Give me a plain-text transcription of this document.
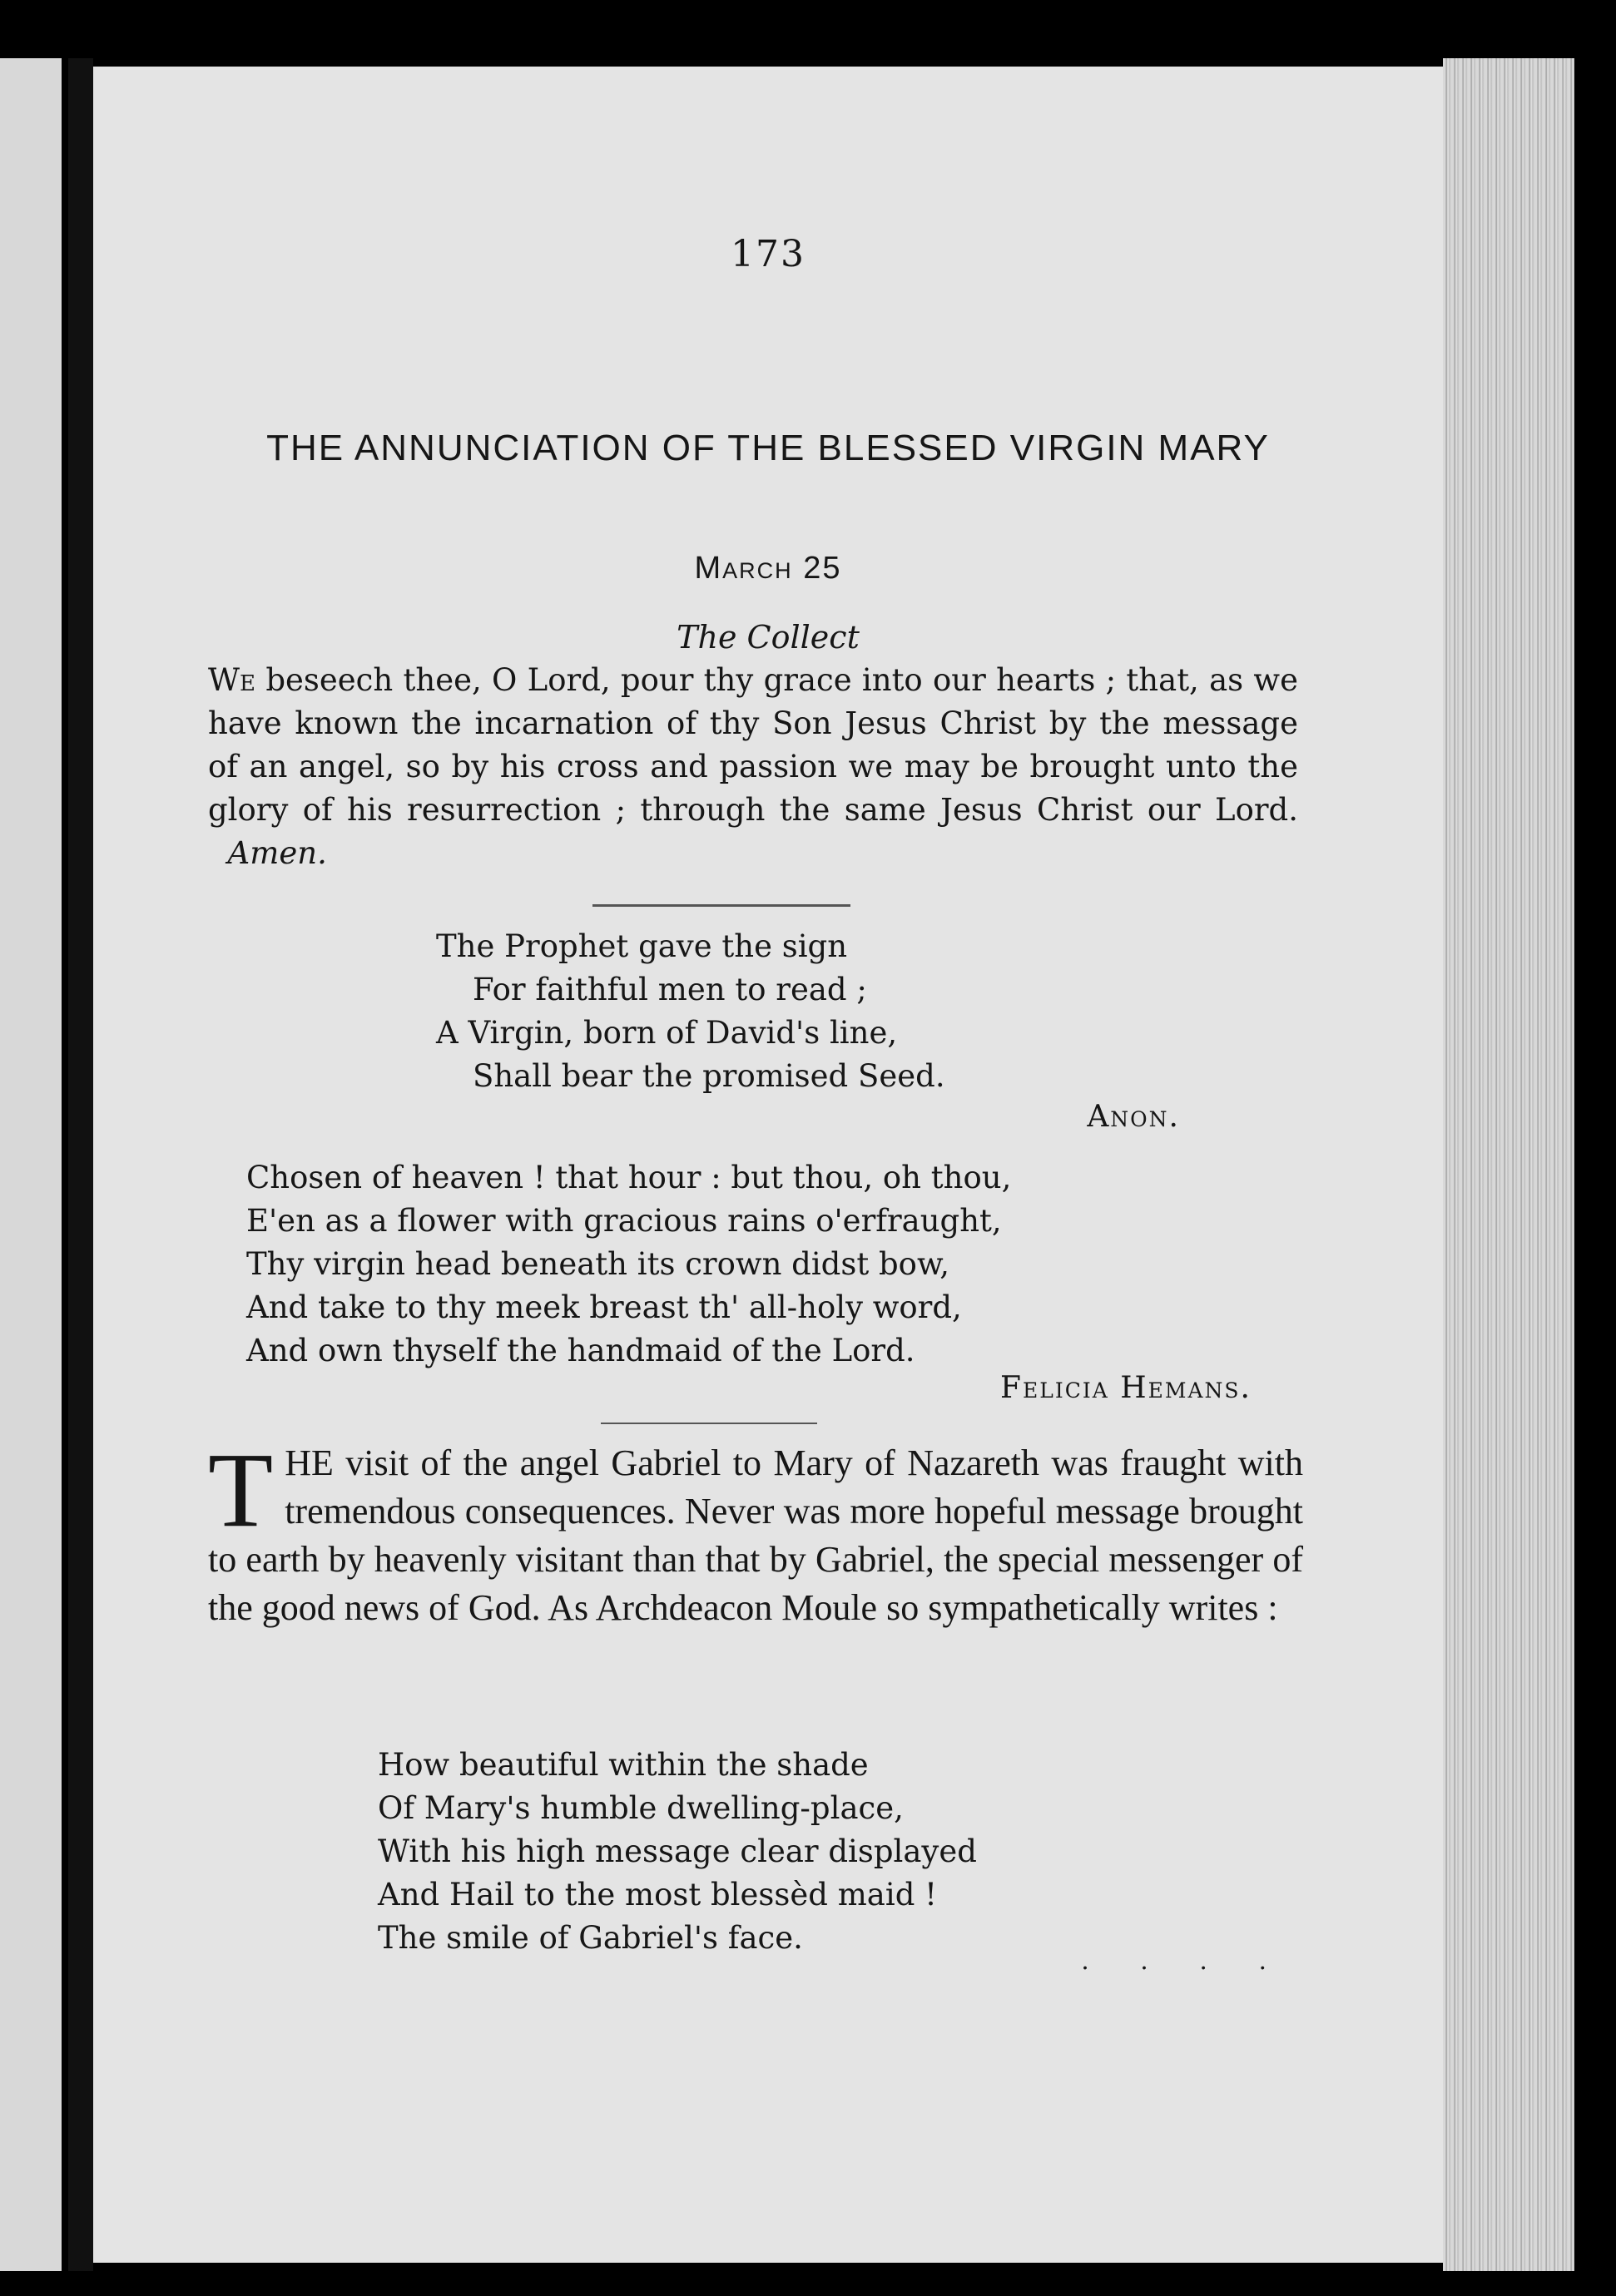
173
THE ANNUNCIATION OF THE BLESSED VIRGIN MARY
March 25
The Collect
We beseech thee, O Lord, pour thy grace into our hearts ; that, as we have known the incarnation of thy Son Jesus Christ by the message of an angel, so by his cross and passion we may be brought unto the glory of his resurrection ; through the same Jesus Christ our Lord.   Amen.
The Prophet gave the sign
For faithful men to read ;
A Virgin, born of David's line,
Shall bear the promised Seed.
Anon.
Chosen of heaven ! that hour : but thou, oh thou,
E'en as a flower with gracious rains o'erfraught,
Thy virgin head beneath its crown didst bow,
And take to thy meek breast th' all-holy word,
And own thyself the handmaid of the Lord.
Felicia Hemans.
T HE visit of the angel Gabriel to Mary of Nazareth was fraught with tremendous consequences. Never was more hopeful message brought to earth by heavenly visitant than that by Gabriel, the special messenger of the good news of God. As Archdeacon Moule so sympathetically writes :
How beautiful within the shade
Of Mary's humble dwelling-place,
With his high message clear displayed
And Hail to the most blessèd maid !
The smile of Gabriel's face.
. . . .
